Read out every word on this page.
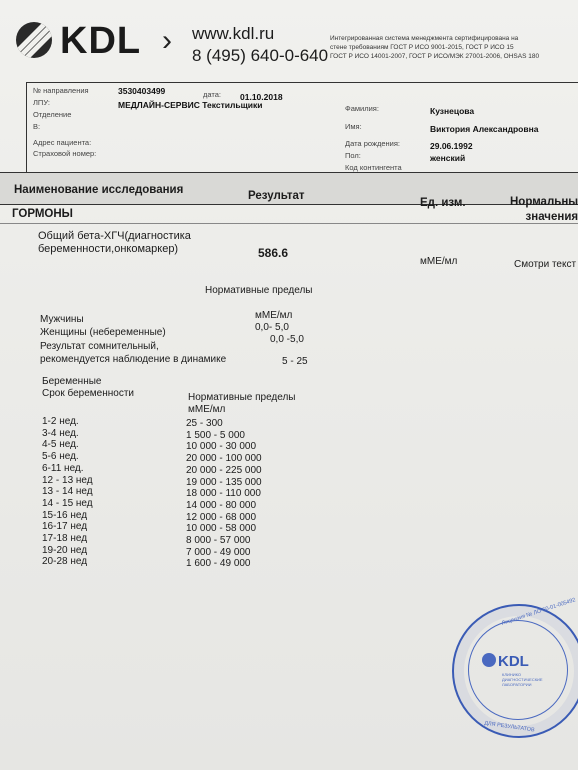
KDL › www.kdl.ru
8 (495) 640-0-640
Интегрированная система менеджмента сертифицирована на
стене требованиям ГОСТ Р ИСО 9001-2015, ГОСТ Р ИСО 15
ГОСТ Р ИСО 14001-2007, ГОСТ Р ИСО/МЭК 27001-2006, OHSAS 180
№ направления	3530403499	дата: 01.10.2018
ЛПУ:	МЕДЛАЙН-СЕРВИС Текстильщики
Отделение
В:
Адрес пациента:
Страховой номер:
Фамилия:	Кузнецова
Имя:	Виктория Александровна
Дата рождения:	29.06.1992
Пол:	женский
Код контингента
Наименование исследования	Результат
Ед. изм.	Нормальны
значения
ГОРМОНЫ
Общий бета-ХГЧ(диагностика
беременности,онкомаркер)	586.6
мМЕ/мл	Смотри текст
Нормативные пределы
мМЕ/мл
Мужчины
0,0- 5,0
Женщины (небеременные)
0,0 -5,0
Результат сомнительный,
рекомендуется наблюдение в динамике	5 - 25
Беременные
Срок беременности	Нормативные пределы
мМЕ/мл
1-2 нед.	25 - 300
3-4 нед.	1 500 - 5 000
4-5 нед.	10 000 - 30 000
5-6 нед.	20 000 - 100 000
6-11 нед.	20 000 - 225 000
12 - 13 нед	19 000 - 135 000
13 - 14 нед	18 000 - 110 000
14 - 15 нед	14 000 - 80 000
15-16 нед	12 000 - 68 000
16-17 нед	10 000 - 58 000
17-18 нед	8 000 - 57 000
19-20 нед	7 000 - 49 000
20-28 нед	1 600 - 49 000
KDL
КЛИНИКО
ДИАГНОСТИЧЕСКИЕ
ЛАБОРАТОРИИ
Лицензия № ЛО-50-01-005492
ДЛЯ РЕЗУЛЬТАТОВ
